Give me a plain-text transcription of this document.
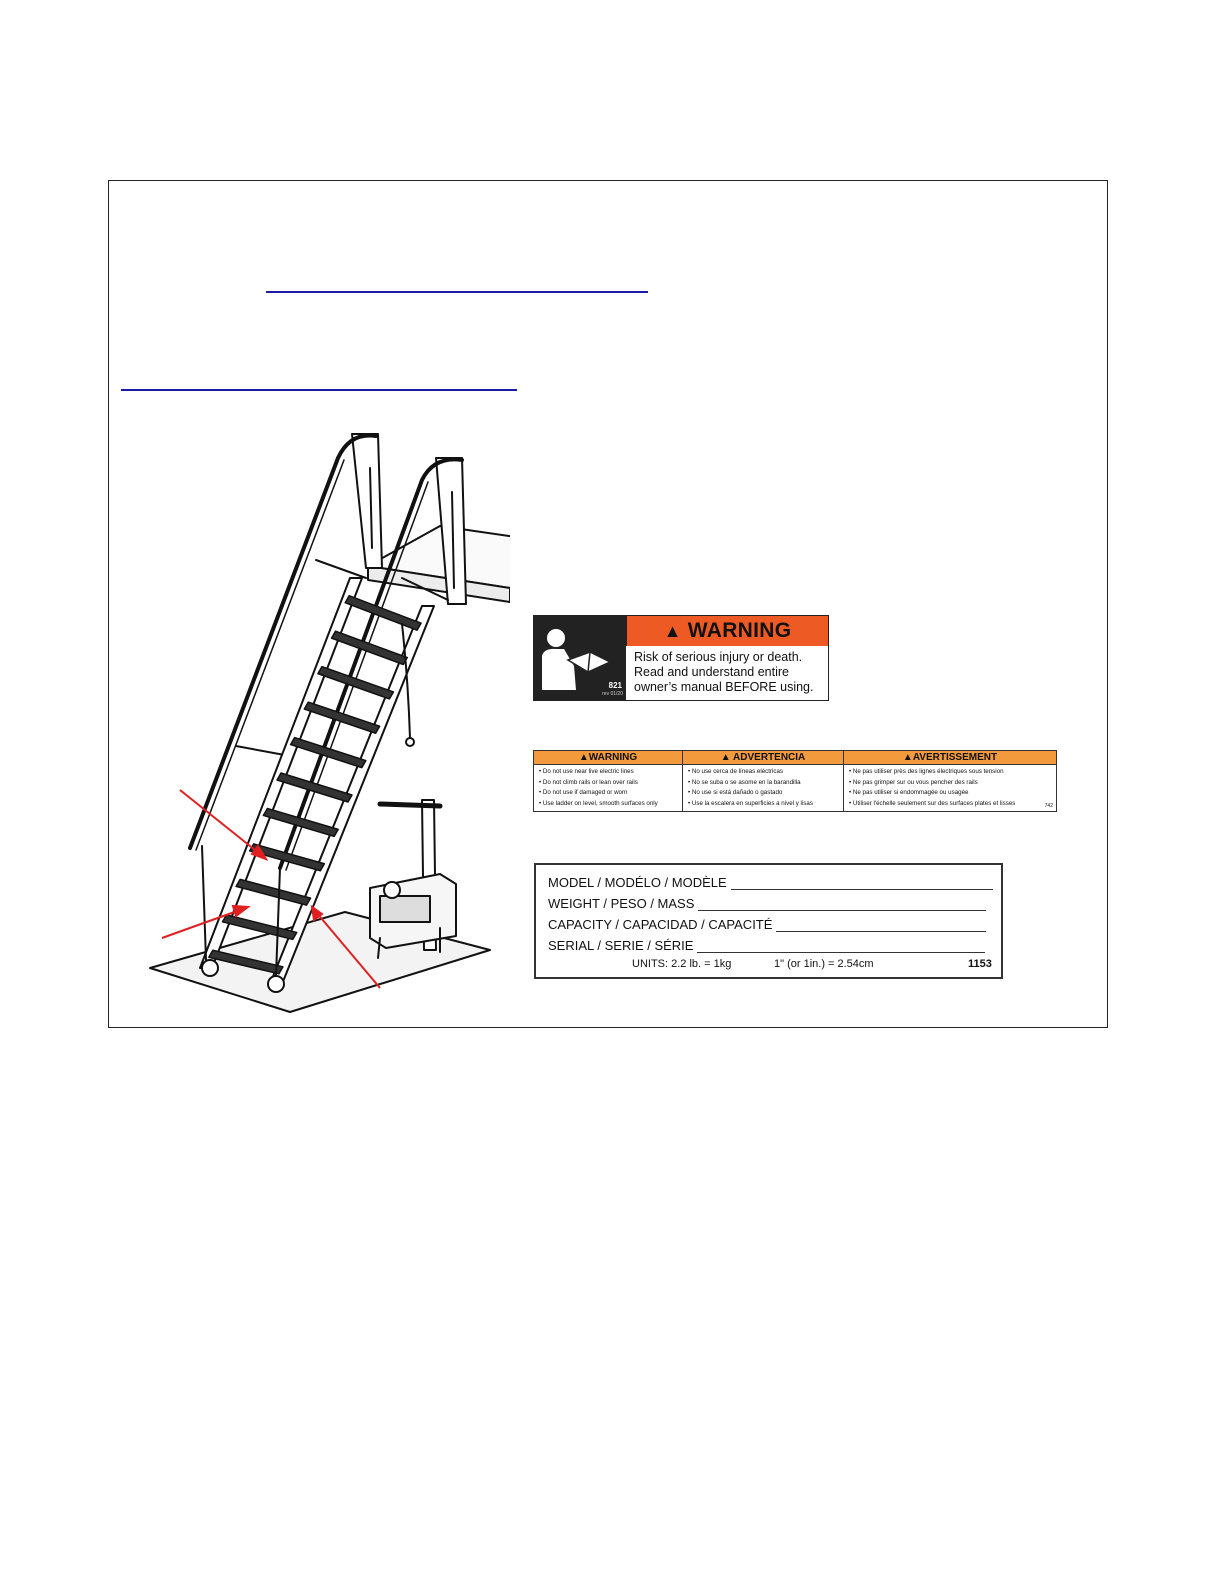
821
rev 01/20
▲ WARNING
Risk of serious injury or death.
Read and understand entire
owner’s manual BEFORE using.
▲WARNING
• Do not use near live electric lines
• Do not climb rails or lean over rails
• Do not use if damaged or worn
• Use ladder on level, smooth surfaces only
▲ ADVERTENCIA
• No use cerca de líneas eléctricas
• No se suba o se asome en la barandilla
• No use si está dañado o gastado
• Use la escalera en superficies a nivel y lisas
▲AVERTISSEMENT
• Ne pas utiliser près des lignes électriques sous tension
• Ne pas grimper sur ou vous pencher des rails
• Ne pas utiliser si endommagée ou usagée
• Utiliser l'échelle seulement sur des surfaces plates et lisses	742
MODEL / MODÉLO / MODÈLE
WEIGHT / PESO / MASS
CAPACITY / CAPACIDAD / CAPACITÉ
SERIAL / SERIE / SÉRIE
UNITS: 2.2 lb. = 1kg	1" (or 1in.) = 2.54cm	1153
